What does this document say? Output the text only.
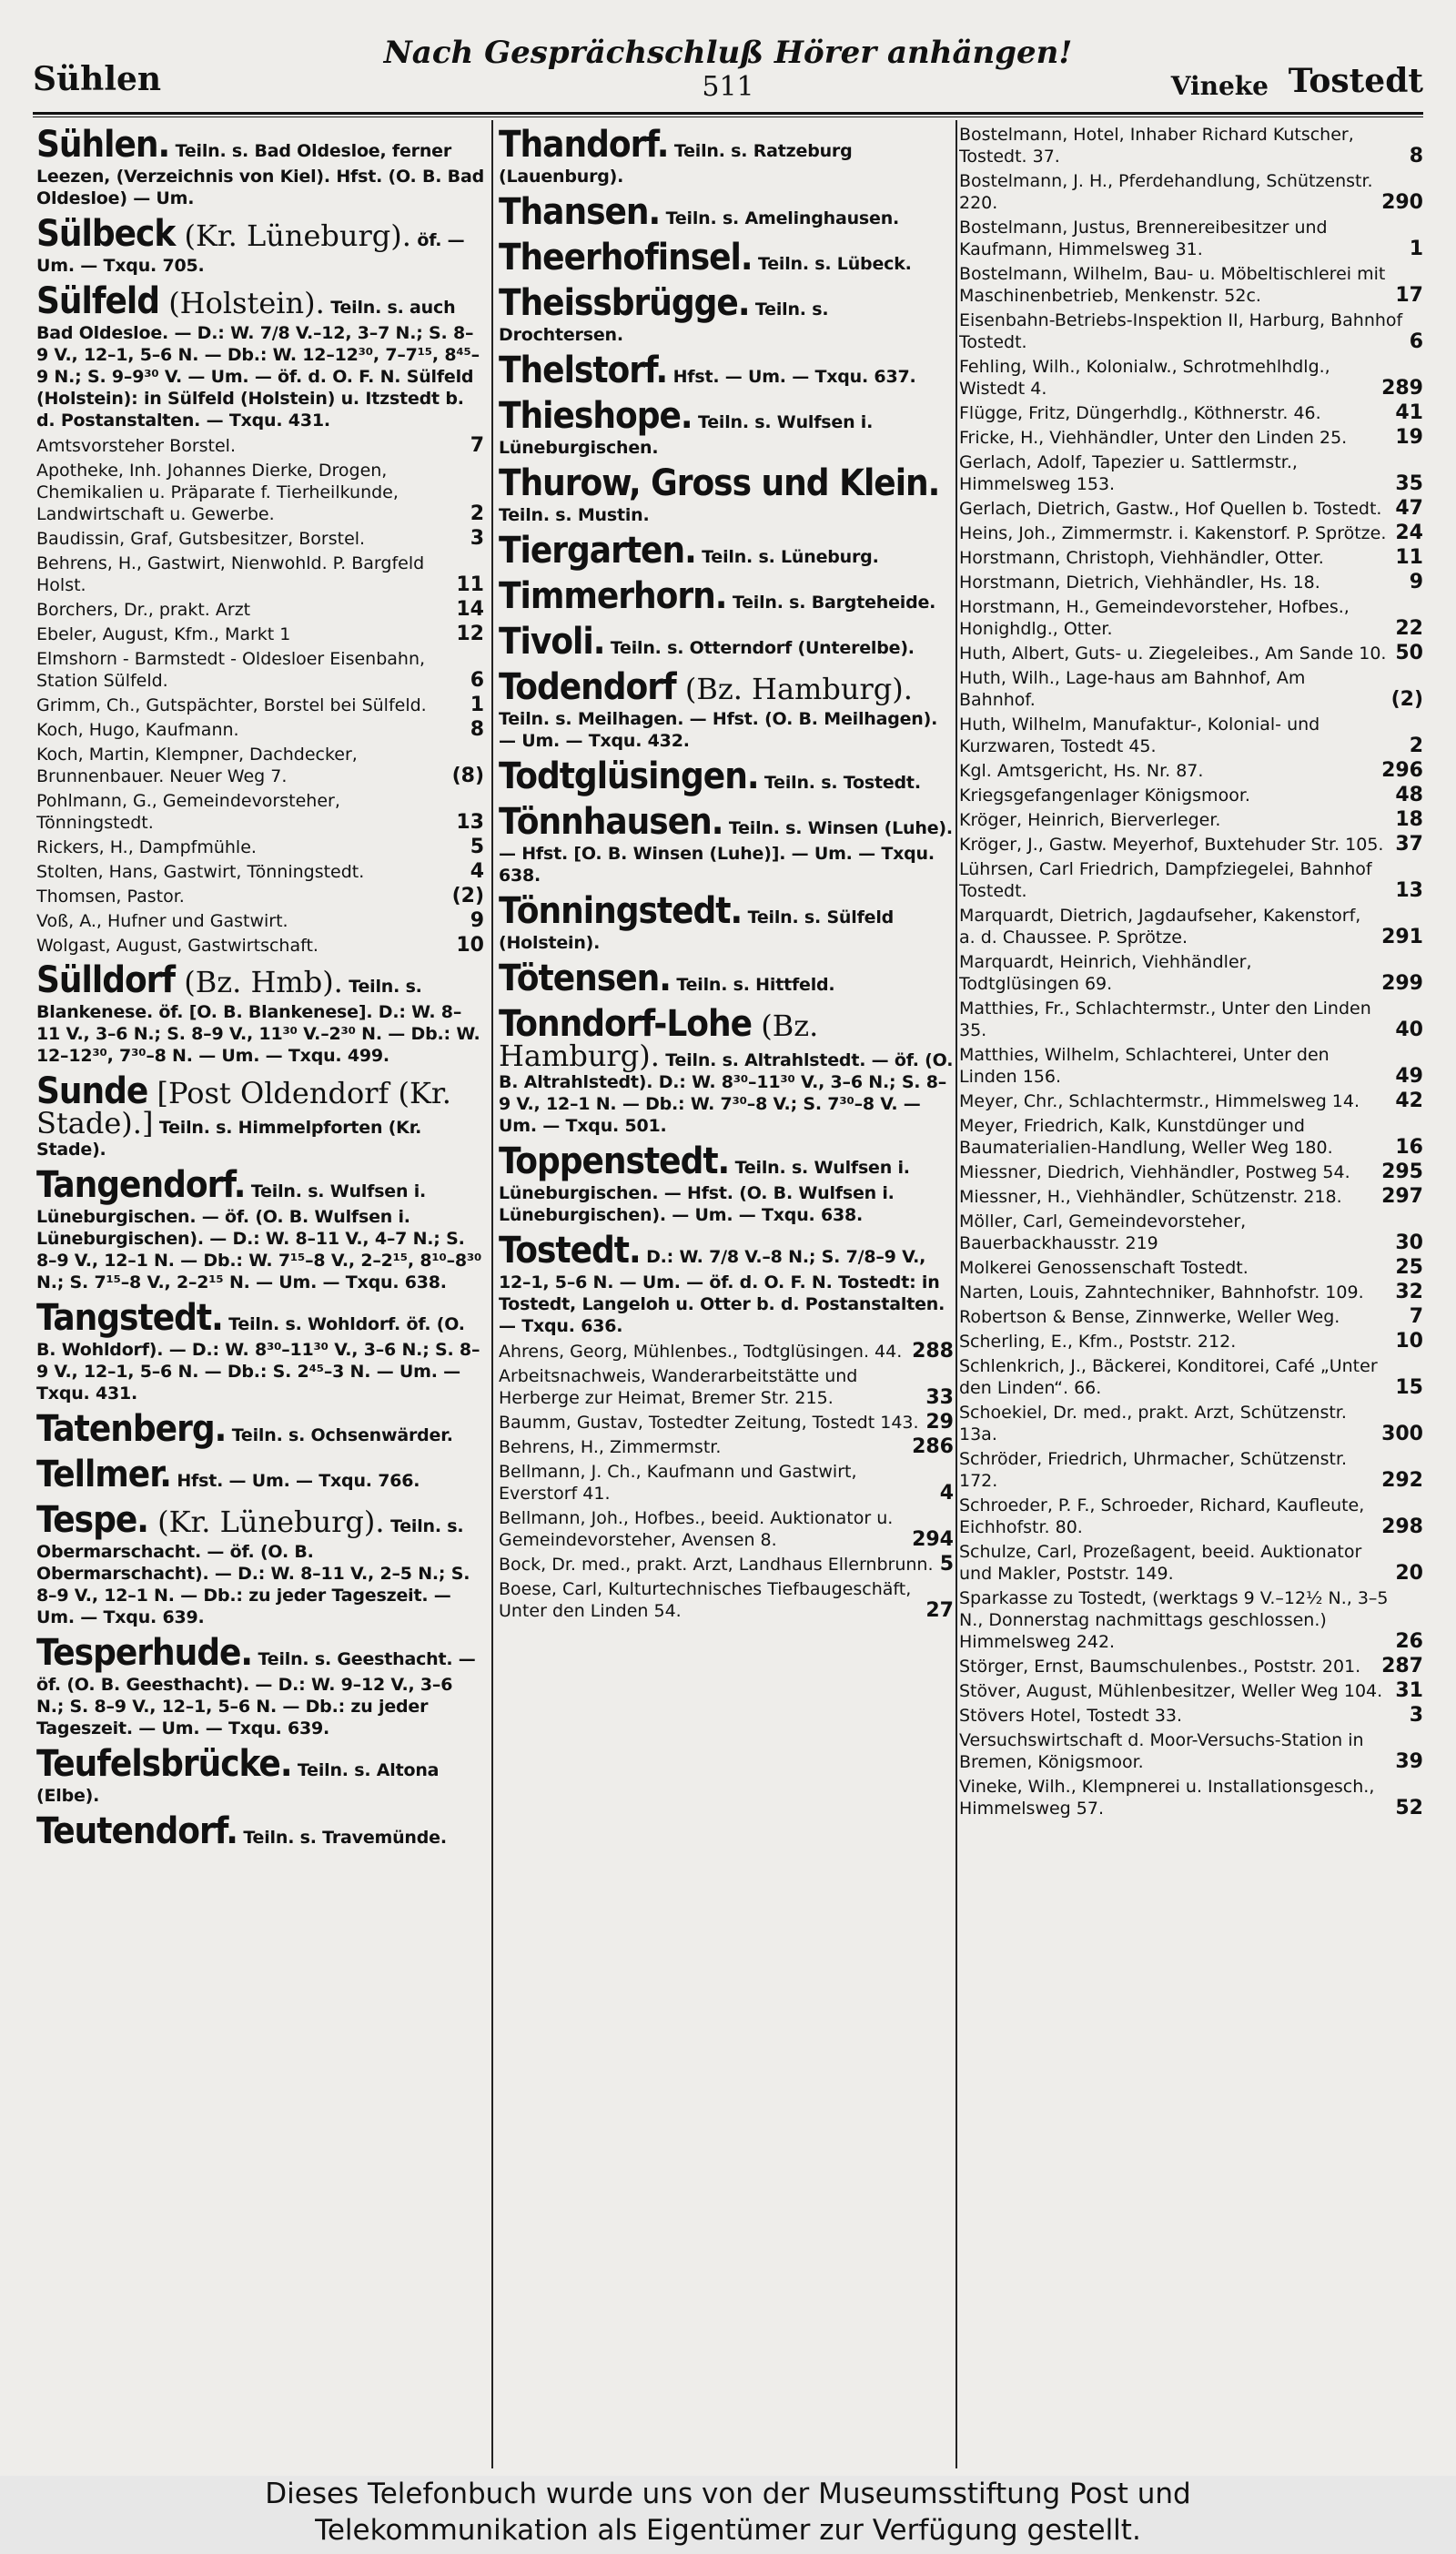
Sühlen
Nach Gesprächschluß Hörer anhängen!
511	Vineke Tostedt
Sühlen. Teiln. s. Bad Oldesloe, ferner Leezen, (Verzeichnis von Kiel). Hfst. (O. B. Bad Oldesloe) — Um.
Sülbeck (Kr. Lüneburg). öf. — Um. — Txqu. 705.
Sülfeld (Holstein). Teiln. s. auch Bad Oldesloe. — D.: W. 7/8 V.–12, 3–7 N.; S. 8–9 V., 12–1, 5–6 N. — Db.: W. 12–12³⁰, 7–7¹⁵, 8⁴⁵–9 N.; S. 9–9³⁰ V. — Um. — öf. d. O. F. N. Sülfeld (Holstein): in Sülfeld (Holstein) u. Itzstedt b. d. Postanstalten. — Txqu. 431.
Amtsvorsteher Borstel.	7
Apotheke, Inh. Johannes Dierke, Drogen, Chemikalien u. Präparate f. Tierheilkunde, Landwirtschaft u. Gewerbe.	2
Baudissin, Graf, Gutsbesitzer, Borstel.	3
Behrens, H., Gastwirt, Nienwohld. P. Bargfeld Holst.	11
Borchers, Dr., prakt. Arzt	14
Ebeler, August, Kfm., Markt 1	12
Elmshorn - Barmstedt - Oldesloer Eisenbahn, Station Sülfeld.	6
Grimm, Ch., Gutspächter, Borstel bei Sülfeld.	1
Koch, Hugo, Kaufmann.	8
Koch, Martin, Klempner, Dachdecker, Brunnenbauer. Neuer Weg 7.	(8)
Pohlmann, G., Gemeindevorsteher, Tönningstedt.	13
Rickers, H., Dampfmühle.	5
Stolten, Hans, Gastwirt, Tönningstedt.	4
Thomsen, Pastor.	(2)
Voß, A., Hufner und Gastwirt.	9
Wolgast, August, Gastwirtschaft.	10
Sülldorf (Bz. Hmb). Teiln. s. Blankenese. öf. [O. B. Blankenese]. D.: W. 8–11 V., 3–6 N.; S. 8–9 V., 11³⁰ V.–2³⁰ N. — Db.: W. 12–12³⁰, 7³⁰–8 N. — Um. — Txqu. 499.
Sunde [Post Oldendorf (Kr. Stade).] Teiln. s. Himmelpforten (Kr. Stade).
Tangendorf. Teiln. s. Wulfsen i. Lüneburgischen. — öf. (O. B. Wulfsen i. Lüneburgischen). — D.: W. 8–11 V., 4–7 N.; S. 8–9 V., 12–1 N. — Db.: W. 7¹⁵–8 V., 2–2¹⁵, 8¹⁰–8³⁰ N.; S. 7¹⁵–8 V., 2–2¹⁵ N. — Um. — Txqu. 638.
Tangstedt. Teiln. s. Wohldorf. öf. (O. B. Wohldorf). — D.: W. 8³⁰–11³⁰ V., 3–6 N.; S. 8–9 V., 12–1, 5–6 N. — Db.: S. 2⁴⁵–3 N. — Um. — Txqu. 431.
Tatenberg. Teiln. s. Ochsenwärder.
Tellmer. Hfst. — Um. — Txqu. 766.
Tespe. (Kr. Lüneburg). Teiln. s. Obermarschacht. — öf. (O. B. Obermarschacht). — D.: W. 8–11 V., 2–5 N.; S. 8–9 V., 12–1 N. — Db.: zu jeder Tageszeit. — Um. — Txqu. 639.
Tesperhude. Teiln. s. Geesthacht. — öf. (O. B. Geesthacht). — D.: W. 9–12 V., 3–6 N.; S. 8–9 V., 12–1, 5–6 N. — Db.: zu jeder Tageszeit. — Um. — Txqu. 639.
Teufelsbrücke. Teiln. s. Altona (Elbe).
Teutendorf. Teiln. s. Travemünde.
Thandorf. Teiln. s. Ratzeburg (Lauenburg).
Thansen. Teiln. s. Amelinghausen.
Theerhofinsel. Teiln. s. Lübeck.
Theissbrügge. Teiln. s. Drochtersen.
Thelstorf. Hfst. — Um. — Txqu. 637.
Thieshope. Teiln. s. Wulfsen i. Lüneburgischen.
Thurow, Gross und Klein. Teiln. s. Mustin.
Tiergarten. Teiln. s. Lüneburg.
Timmerhorn. Teiln. s. Bargteheide.
Tivoli. Teiln. s. Otterndorf (Unterelbe).
Todendorf (Bz. Hamburg). Teiln. s. Meilhagen. — Hfst. (O. B. Meilhagen). — Um. — Txqu. 432.
Todtglüsingen. Teiln. s. Tostedt.
Tönnhausen. Teiln. s. Winsen (Luhe). — Hfst. [O. B. Winsen (Luhe)]. — Um. — Txqu. 638.
Tönningstedt. Teiln. s. Sülfeld (Holstein).
Tötensen. Teiln. s. Hittfeld.
Tonndorf-Lohe (Bz. Hamburg). Teiln. s. Altrahlstedt. — öf. (O. B. Altrahlstedt). D.: W. 8³⁰–11³⁰ V., 3–6 N.; S. 8–9 V., 12–1 N. — Db.: W. 7³⁰–8 V.; S. 7³⁰–8 V. — Um. — Txqu. 501.
Toppenstedt. Teiln. s. Wulfsen i. Lüneburgischen. — Hfst. (O. B. Wulfsen i. Lüneburgischen). — Um. — Txqu. 638.
Tostedt. D.: W. 7/8 V.–8 N.; S. 7/8–9 V., 12–1, 5–6 N. — Um. — öf. d. O. F. N. Tostedt: in Tostedt, Langeloh u. Otter b. d. Postanstalten. — Txqu. 636.
Ahrens, Georg, Mühlenbes., Todtglüsingen. 44. 288
Arbeitsnachweis, Wanderarbeitstätte und Herberge zur Heimat, Bremer Str. 215.	33
Baumm, Gustav, Tostedter Zeitung, Tostedt 143. 29
Behrens, H., Zimmermstr.	286
Bellmann, J. Ch., Kaufmann und Gastwirt, Everstorf 41.	4
Bellmann, Joh., Hofbes., beeid. Auktionator u. Gemeindevorsteher, Avensen 8.	294
Bock, Dr. med., prakt. Arzt, Landhaus Ellernbrunn. 5
Boese, Carl, Kulturtechnisches Tiefbaugeschäft, Unter den Linden 54.	27
Bostelmann, Hotel, Inhaber Richard Kutscher, Tostedt. 37.	8
Bostelmann, J. H., Pferdehandlung, Schützenstr. 220.	290
Bostelmann, Justus, Brennereibesitzer und Kaufmann, Himmelsweg 31.	1
Bostelmann, Wilhelm, Bau- u. Möbeltischlerei mit Maschinenbetrieb, Menkenstr. 52c.	17
Eisenbahn-Betriebs-Inspektion II, Harburg, Bahnhof Tostedt.	6
Fehling, Wilh., Kolonialw., Schrotmehlhdlg., Wistedt 4.	289
Flügge, Fritz, Düngerhdlg., Köthnerstr. 46.	41
Fricke, H., Viehhändler, Unter den Linden 25.	19
Gerlach, Adolf, Tapezier u. Sattlermstr., Himmelsweg 153.	35
Gerlach, Dietrich, Gastw., Hof Quellen b. Tostedt. 47
Heins, Joh., Zimmermstr. i. Kakenstorf. P. Sprötze. 24
Horstmann, Christoph, Viehhändler, Otter.	11
Horstmann, Dietrich, Viehhändler, Hs. 18.	9
Horstmann, H., Gemeindevorsteher, Hofbes., Honighdlg., Otter.	22
Huth, Albert, Guts- u. Ziegeleibes., Am Sande 10. 50
Huth, Wilh., Lage-haus am Bahnhof, Am Bahnhof.	(2)
Huth, Wilhelm, Manufaktur-, Kolonial- und Kurzwaren, Tostedt 45.	2
Kgl. Amtsgericht, Hs. Nr. 87.	296
Kriegsgefangenlager Königsmoor.	48
Kröger, Heinrich, Bierverleger.	18
Kröger, J., Gastw. Meyerhof, Buxtehuder Str. 105. 37
Lührsen, Carl Friedrich, Dampfziegelei, Bahnhof Tostedt.	13
Marquardt, Dietrich, Jagdaufseher, Kakenstorf, a. d. Chaussee. P. Sprötze.	291
Marquardt, Heinrich, Viehhändler, Todtglüsingen 69.	299
Matthies, Fr., Schlachtermstr., Unter den Linden 35.	40
Matthies, Wilhelm, Schlachterei, Unter den Linden 156.	49
Meyer, Chr., Schlachtermstr., Himmelsweg 14.	42
Meyer, Friedrich, Kalk, Kunstdünger und Baumaterialien-Handlung, Weller Weg 180.	16
Miessner, Diedrich, Viehhändler, Postweg 54.	295
Miessner, H., Viehhändler, Schützenstr. 218.	297
Möller, Carl, Gemeindevorsteher, Bauerbackhausstr. 219	30
Molkerei Genossenschaft Tostedt.	25
Narten, Louis, Zahntechniker, Bahnhofstr. 109.	32
Robertson & Bense, Zinnwerke, Weller Weg.	7
Scherling, E., Kfm., Poststr. 212.	10
Schlenkrich, J., Bäckerei, Konditorei, Café „Unter den Linden“. 66.	15
Schoekiel, Dr. med., prakt. Arzt, Schützenstr. 13a.	300
Schröder, Friedrich, Uhrmacher, Schützenstr. 172.	292
Schroeder, P. F., Schroeder, Richard, Kaufleute, Eichhofstr. 80.	298
Schulze, Carl, Prozeßagent, beeid. Auktionator und Makler, Poststr. 149.	20
Sparkasse zu Tostedt, (werktags 9 V.–12½ N., 3–5 N., Donnerstag nachmittags geschlossen.) Himmelsweg 242.	26
Störger, Ernst, Baumschulenbes., Poststr. 201.	287
Stöver, August, Mühlenbesitzer, Weller Weg 104. 31
Stövers Hotel, Tostedt 33.	3
Versuchswirtschaft d. Moor-Versuchs-Station in Bremen, Königsmoor.	39
Vineke, Wilh., Klempnerei u. Installationsgesch., Himmelsweg 57.	52
Dieses Telefonbuch wurde uns von der Museumsstiftung Post und
Telekommunikation als Eigentümer zur Verfügung gestellt.
